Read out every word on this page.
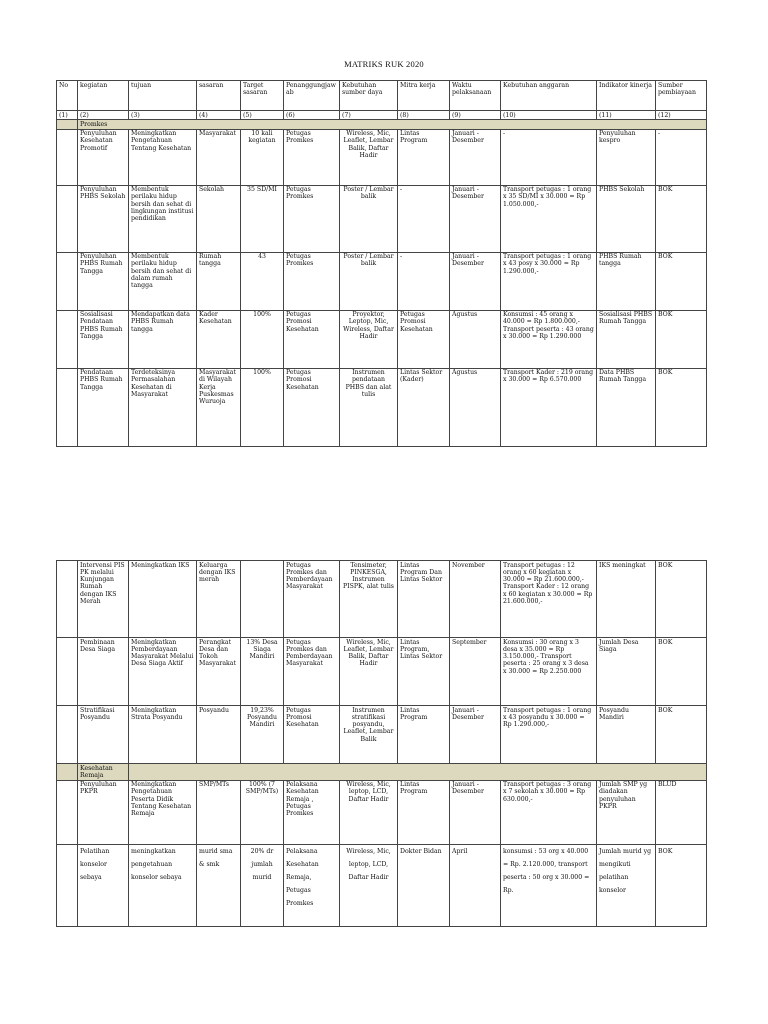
MATRIKS RUK 2020
No	kegiatan	tujuan	sasaran	Target sasaran	Penanggungjawab	Kebutuhan sumber daya	Mitra kerja	Waktu pelaksanaan	Kebutuhan anggaran	Indikator kinerja	Sumber pembiayaan
(1)	(2)	(3)	(4)	(5)	(6)	(7)	(8)	(9)	(10)	(11)	(12)
	Promkes										
	Penyuluhan Kesehatan Promotif	Meningkatkan Pengetahuan Tentang Kesehatan	Masyarakat	10 kali kegiatan	Petugas Promkes	Wireless, Mic, Leaflet, Lembar Balik, Daftar Hadir	Lintas Program	Januari - Desember	-	Penyuluhan kespro	-
	Penyuluhan PHBS Sekolah	Membentuk perilaku hidup bersih dan sehat di lingkungan institusi pendidikan	Sekolah	35 SD/MI	Petugas Promkes	Poster / Lembar balik	-	Januari - Desember	Transport petugas : 1 orang x 35 SD/MI x 30.000 = Rp 1.050.000,-	PHBS Sekolah	BOK
	Penyuluhan PHBS Rumah Tangga	Membentuk perilaku hidup bersih dan sehat di dalam rumah tangga	Rumah tangga	43	Petugas Promkes	Poster / Lembar balik	-	Januari - Desember	Transport petugas : 1 orang x 43 posy x 30.000 = Rp 1.290.000,-	PHBS Rumah tangga	BOK
	Sosialisasi Pendataan PHBS Rumah Tangga	Mendapatkan data PHBS Rumah tangga	Kader Kesehatan	100%	Petugas Promosi Kesehatan	Proyektor, Leptop, Mic, Wireless, Daftar Hadir	Petugas Promosi Kesehatan	Agustus	Konsumsi : 45 orang x 40.000 = Rp 1.800.000,- Transport peserta : 43 orang x 30.000 = Rp 1.290.000	Sosialisasi PHBS Rumah Tangga	BOK
	Pendataan PHBS Rumah Tangga	Terdeteksinya Permasalahan Kesehatan di Masyarakat	Masyarakat di Wilayah Kerja Puskesmas Wuruoja	100%	Petugas Promosi Kesehatan	Instrumen pendataan PHBS dan alat tulis	Lintas Sektor (Kader)	Agustus	Transport Kader : 219 orang x 30.000 = Rp 6.570.000	Data PHBS Rumah Tangga	BOK
	Intervensi PIS PK melalui Kunjungan Rumah dengan IKS Merah	Meningkatkan IKS	Keluarga dengan IKS merah		Petugas Promkes dan Pemberdayaan Masyarakat	Tensimeter, PINKESGA, Instrumen PISPK, alat tulis	Lintas Program Dan Lintas Sektor	November	Transport petugas : 12 orang x 60 kegiatan x 30.000 = Rp 21.600.000,- Transport Kader : 12 orang x 60 kegiatan x 30.000 = Rp 21.600.000,-	IKS meningkat	BOK
	Pembinaan Desa Siaga	Meningkatkan Pemberdayaan Masyarakat Melalui Desa Siaga Aktif	Perangkat Desa dan Tokoh Masyarakat	13% Desa Siaga Mandiri	Petugas Promkes dan Pemberdayaan Masyarakat	Wireless, Mic, Leaflet, Lembar Balik, Daftar Hadir	Lintas Program, Lintas Sektor	September	Konsumsi : 30 orang x 3 desa x 35.000 = Rp 3.150.000,- Transport peserta : 25 orang x 3 desa x 30.000 = Rp 2.250.000	Jumlah Desa Siaga	BOK
	Stratifikasi Posyandu	Meningkatkan Strata Posyandu	Posyandu	19,23% Posyandu Mandiri	Petugas Promosi Kesehatan	Instrumen stratifikasi posyandu, Leaflet, Lembar Balik	Lintas Program	Januari - Desember	Transport petugas : 1 orang x 43 posyandu x 30.000 = Rp 1.290.000,-	Posyandu Mandiri	BOK
	Kesehatan Remaja										
	Penyuluhan PKPR	Meningkatkan Pengetahuan Peserta Didik Tentang Kesehatan Remaja	SMP/MTs	100% (7 SMP/MTs)	Pelaksana Kesehatan Remaja , Petugas Promkes	Wireless, Mic, leptop, LCD, Daftar Hadir	Lintas Program	Januari - Desember	Transport petugas : 3 orang x 7 sekolah x 30.000 = Rp 630.000,-	Jumlah SMP yg diadakan penyuluhan PKPR	BLUD
	Pelatihan konselor sebaya	meningkatkan pengetahuan konselor sebaya	murid sma & smk	20% dr jumlah murid	Pelaksana Kesehatan Remaja, Petugas Promkes	Wireless, Mic, leptop, LCD, Daftar Hadir	Dokter Bidan	April	konsumsi : 53 org x 40.000 = Rp. 2.120.000, transport peserta : 50 org x 30.000 = Rp.	Jumlah murid yg mengikuti pelatihan konselor	BOK
